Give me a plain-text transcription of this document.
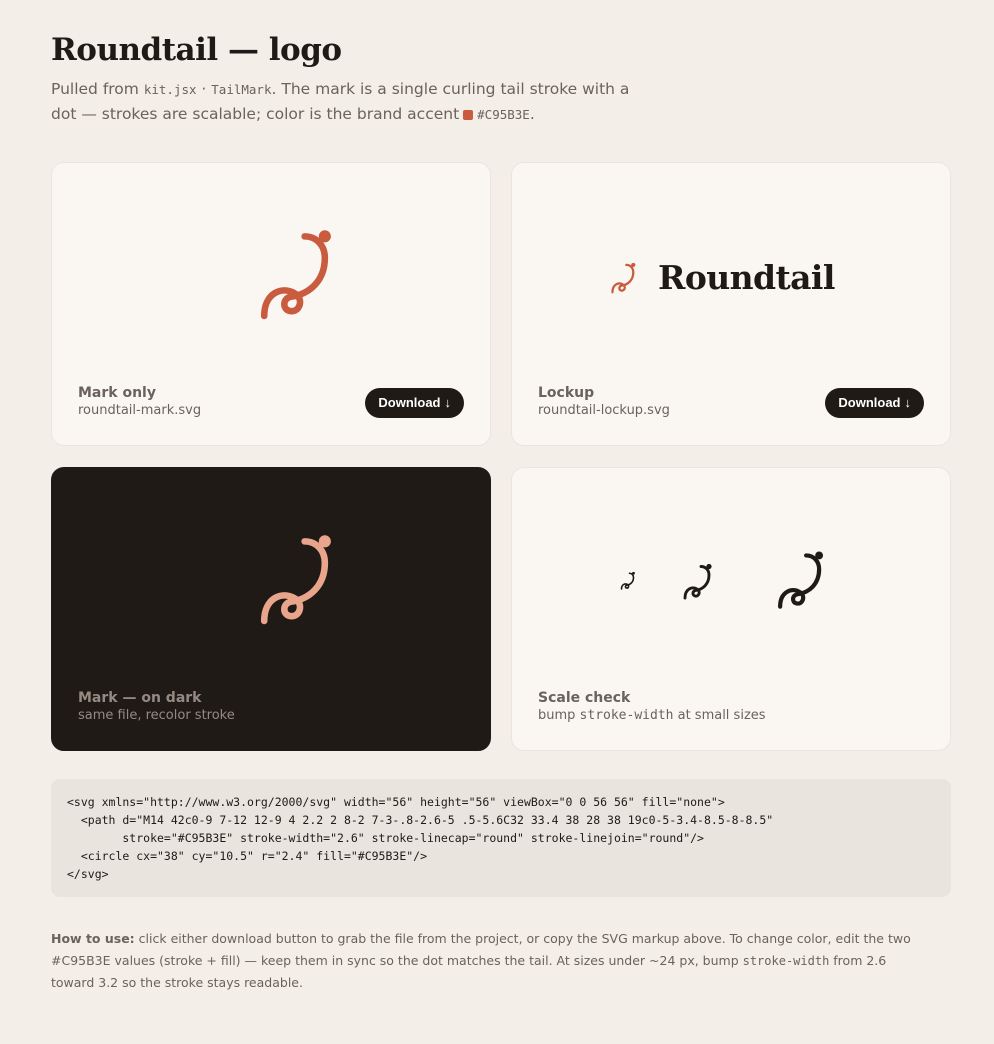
Roundtail — logo

Pulled from kit.jsx · TailMark. The mark is a single curling tail stroke with a dot — strokes are scalable; color is the brand accent #C95B3E.

Mark only
roundtail-mark.svg
Download ↓
Roundtail
Lockup
roundtail-lockup.svg
Download ↓
Mark — on dark
same file, recolor stroke
Scale check
bump stroke-width at small sizes
<svg xmlns="http://www.w3.org/2000/svg" width="56" height="56" viewBox="0 0 56 56" fill="none">
<path d="M14 42c0-9 7-12 12-9 4 2.2 2 8-2 7-3-.8-2.6-5 .5-5.6C32 33.4 38 28 38 19c0-5-3.4-8.5-8-8.5"
stroke="#C95B3E" stroke-width="2.6" stroke-linecap="round" stroke-linejoin="round"/>
<circle cx="38" cy="10.5" r="2.4" fill="#C95B3E"/>
</svg>

How to use: click either download button to grab the file from the project, or copy the SVG markup above. To change color, edit the two #C95B3E values (stroke + fill) — keep them in sync so the dot matches the tail. At sizes under ~24 px, bump stroke-width from 2.6 toward 3.2 so the stroke stays readable.
